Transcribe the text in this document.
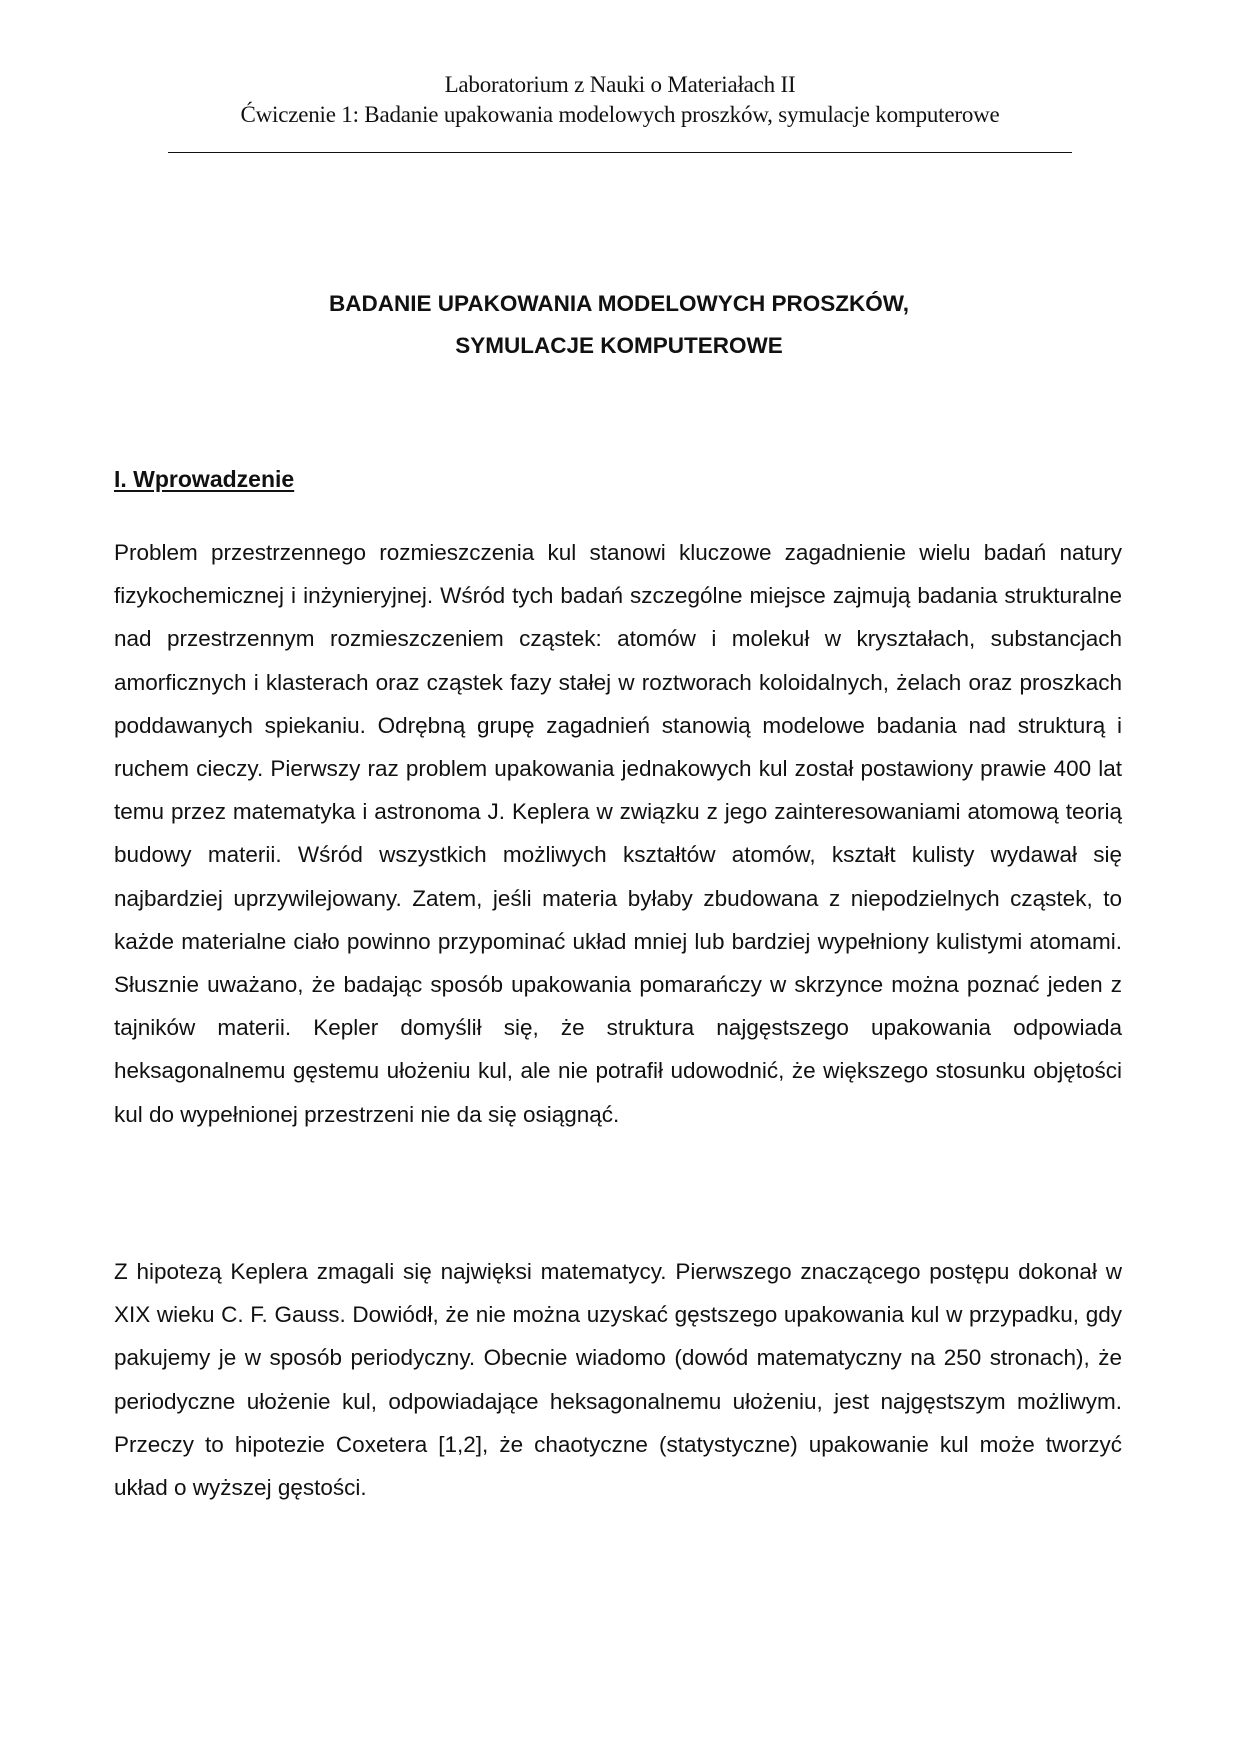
Laboratorium z Nauki o Materiałach II
Ćwiczenie 1: Badanie upakowania modelowych proszków, symulacje komputerowe
BADANIE UPAKOWANIA MODELOWYCH PROSZKÓW,
SYMULACJE KOMPUTEROWE
I. Wprowadzenie

Problem przestrzennego rozmieszczenia kul stanowi kluczowe zagadnienie wielu badań natury fizykochemicznej i inżynieryjnej. Wśród tych badań szczególne miejsce zajmują badania strukturalne nad przestrzennym rozmieszczeniem cząstek: atomów i molekuł w kryształach, substancjach amorficznych i klasterach oraz cząstek fazy stałej w roztworach koloidalnych, żelach oraz proszkach poddawanych spiekaniu. Odrębną grupę zagadnień stanowią modelowe badania nad strukturą i ruchem cieczy. Pierwszy raz problem upakowania jednakowych kul został postawiony prawie 400 lat temu przez matematyka i astronoma J. Keplera w związku z jego zainteresowaniami atomową teorią budowy materii. Wśród wszystkich możliwych kształtów atomów, kształt kulisty wydawał się najbardziej uprzywilejowany. Zatem, jeśli materia byłaby zbudowana z niepodzielnych cząstek, to każde materialne ciało powinno przypominać układ mniej lub bardziej wypełniony kulistymi atomami. Słusznie uważano, że badając sposób upakowania pomarańczy w skrzynce można poznać jeden z tajników materii. Kepler domyślił się, że struktura najgęstszego upakowania odpowiada heksagonalnemu gęstemu ułożeniu kul, ale nie potrafił udowodnić, że większego stosunku objętości kul do wypełnionej przestrzeni nie da się osiągnąć.

Z hipotezą Keplera zmagali się najwięksi matematycy. Pierwszego znaczącego postępu dokonał w XIX wieku C. F. Gauss. Dowiódł, że nie można uzyskać gęstszego upakowania kul w przypadku, gdy pakujemy je w sposób periodyczny. Obecnie wiadomo (dowód matematyczny na 250 stronach), że periodyczne ułożenie kul, odpowiadające heksagonalnemu ułożeniu, jest najgęstszym możliwym. Przeczy to hipotezie Coxetera [1,2], że chaotyczne (statystyczne) upakowanie kul może tworzyć układ o wyższej gęstości.
